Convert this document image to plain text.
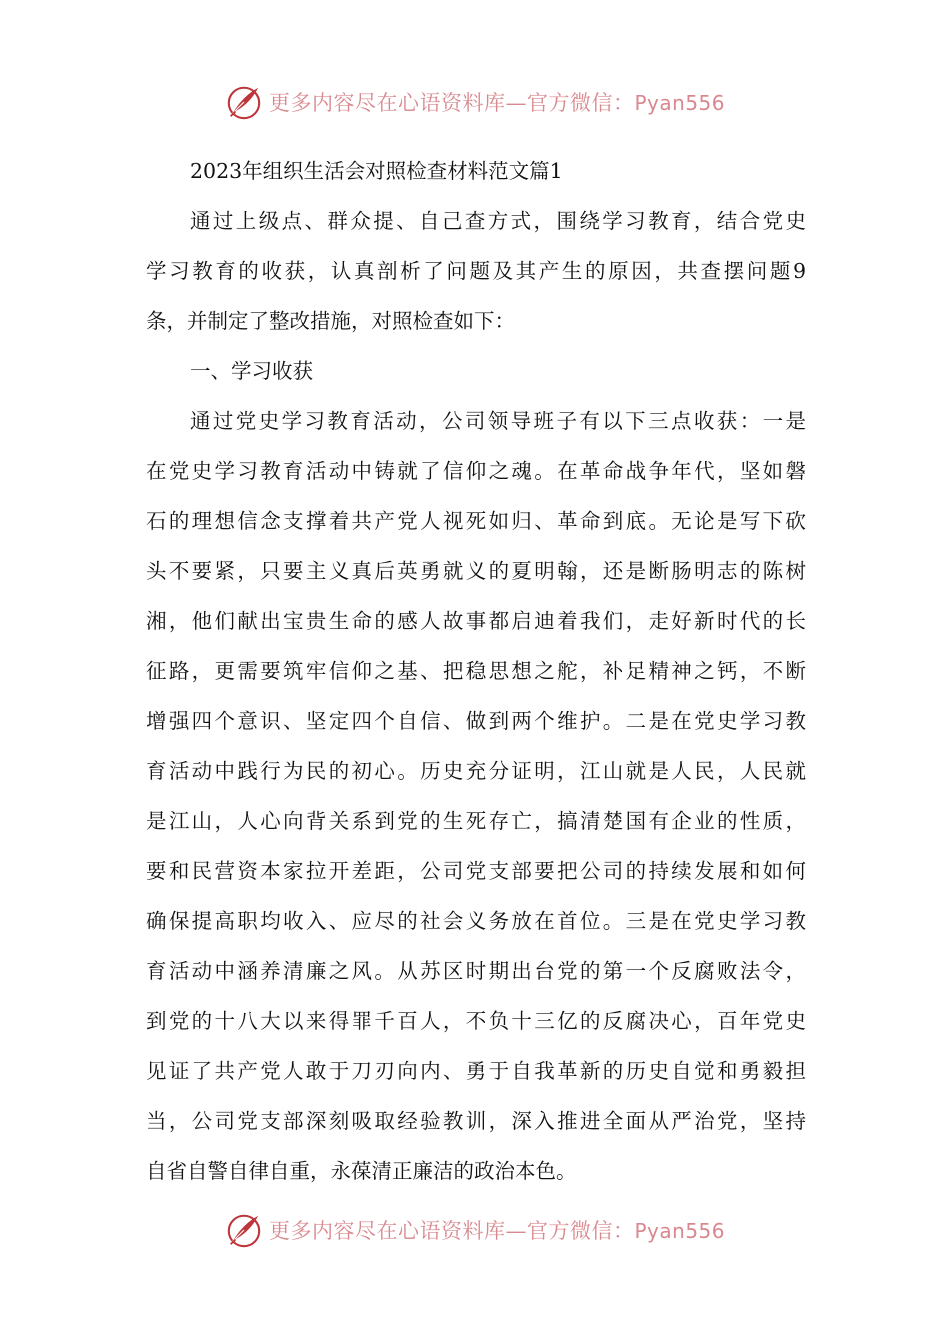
更多内容尽在心语资料库—官方微信：Pyan556
2023年组织生活会对照检查材料范文篇1
通过上级点、群众提、自己查方式，围绕学习教育，结合党史
学习教育的收获，认真剖析了问题及其产生的原因，共查摆问题9
条，并制定了整改措施，对照检查如下：
一、学习收获
通过党史学习教育活动，公司领导班子有以下三点收获：一是
在党史学习教育活动中铸就了信仰之魂。在革命战争年代，坚如磐
石的理想信念支撑着共产党人视死如归、革命到底。无论是写下砍
头不要紧，只要主义真后英勇就义的夏明翰，还是断肠明志的陈树
湘，他们献出宝贵生命的感人故事都启迪着我们，走好新时代的长
征路，更需要筑牢信仰之基、把稳思想之舵，补足精神之钙，不断
增强四个意识、坚定四个自信、做到两个维护。二是在党史学习教
育活动中践行为民的初心。历史充分证明，江山就是人民，人民就
是江山，人心向背关系到党的生死存亡，搞清楚国有企业的性质，
要和民营资本家拉开差距，公司党支部要把公司的持续发展和如何
确保提高职均收入、应尽的社会义务放在首位。三是在党史学习教
育活动中涵养清廉之风。从苏区时期出台党的第一个反腐败法令，
到党的十八大以来得罪千百人，不负十三亿的反腐决心，百年党史
见证了共产党人敢于刀刃向内、勇于自我革新的历史自觉和勇毅担
当，公司党支部深刻吸取经验教训，深入推进全面从严治党，坚持
自省自警自律自重，永葆清正廉洁的政治本色。
更多内容尽在心语资料库—官方微信：Pyan556
